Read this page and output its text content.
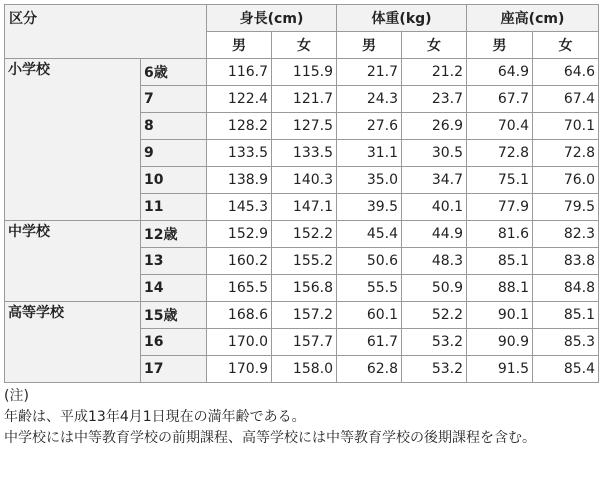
区分		身長(cm)		体重(kg)		座高(cm)	
		男	女	男	女	男	女
小学校	6歳	116.7	115.9	21.7	21.2	64.9	64.6
	7	122.4	121.7	24.3	23.7	67.7	67.4
	8	128.2	127.5	27.6	26.9	70.4	70.1
	9	133.5	133.5	31.1	30.5	72.8	72.8
	10	138.9	140.3	35.0	34.7	75.1	76.0
	11	145.3	147.1	39.5	40.1	77.9	79.5
中学校	12歳	152.9	152.2	45.4	44.9	81.6	82.3
	13	160.2	155.2	50.6	48.3	85.1	83.8
	14	165.5	156.8	55.5	50.9	88.1	84.8
高等学校	15歳	168.6	157.2	60.1	52.2	90.1	85.1
	16	170.0	157.7	61.7	53.2	90.9	85.3
	17	170.9	158.0	62.8	53.2	91.5	85.4
(注)
年齢は、平成13年4月1日現在の満年齢である。
中学校には中等教育学校の前期課程、高等学校には中等教育学校の後期課程を含む。
